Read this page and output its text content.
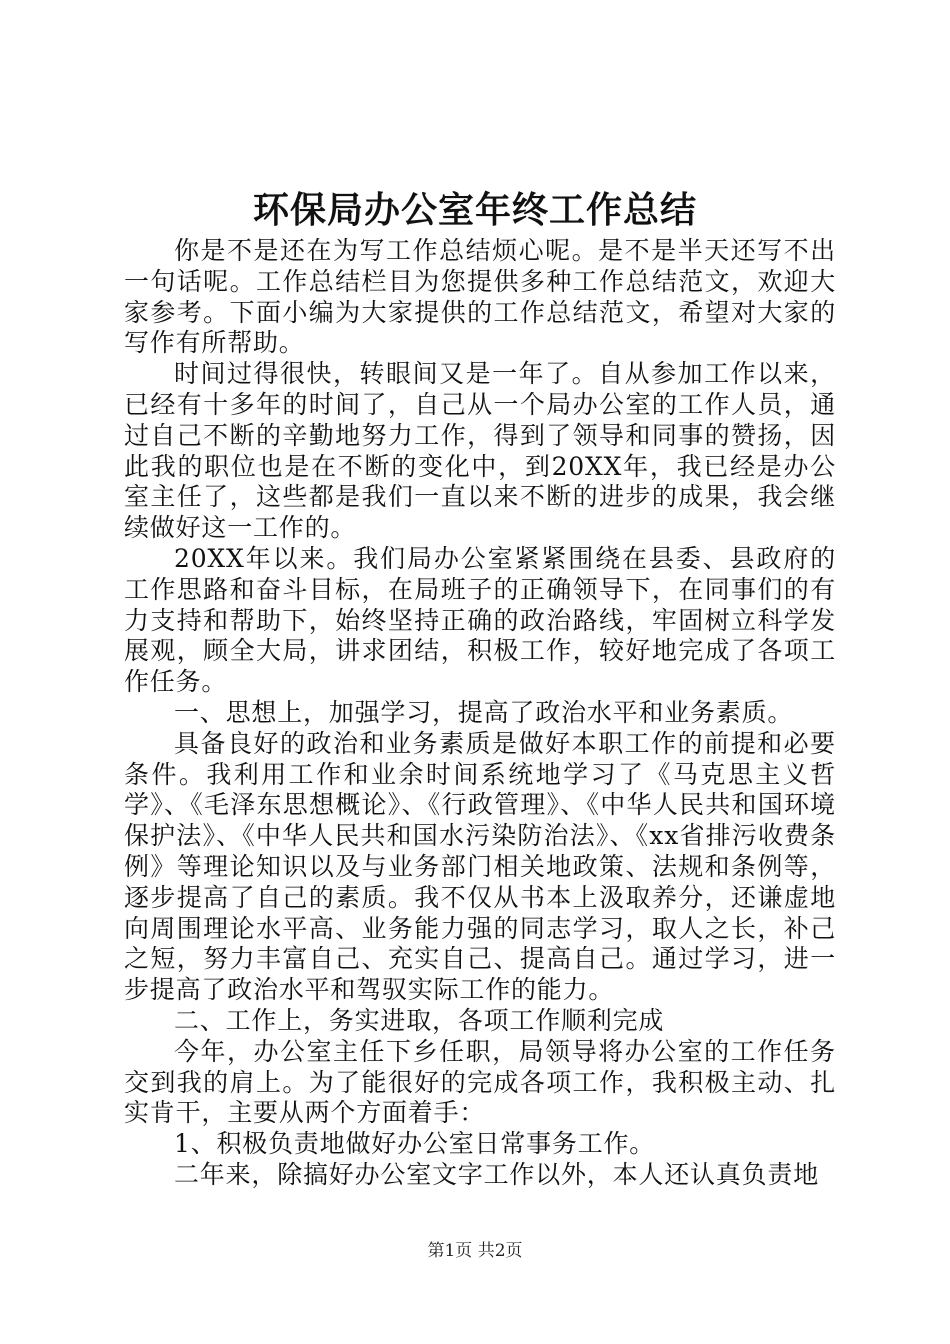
环保局办公室年终工作总结

你是不是还在为写工作总结烦心呢。是不是半天还写不出一句话呢。工作总结栏目为您提供多种工作总结范文，欢迎大家参考。下面小编为大家提供的工作总结范文，希望对大家的写作有所帮助。

时间过得很快，转眼间又是一年了。自从参加工作以来，已经有十多年的时间了，自己从一个局办公室的工作人员，通过自己不断的辛勤地努力工作，得到了领导和同事的赞扬，因此我的职位也是在不断的变化中，到20XX年，我已经是办公室主任了，这些都是我们一直以来不断的进步的成果，我会继续做好这一工作的。

20XX年以来。我们局办公室紧紧围绕在县委、县政府的工作思路和奋斗目标，在局班子的正确领导下，在同事们的有力支持和帮助下，始终坚持正确的政治路线，牢固树立科学发展观，顾全大局，讲求团结，积极工作，较好地完成了各项工作任务。

一、思想上，加强学习，提高了政治水平和业务素质。

具备良好的政治和业务素质是做好本职工作的前提和必要条件。我利用工作和业余时间系统地学习了《马克思主义哲学》、《毛泽东思想概论》、《行政管理》、《中华人民共和国环境保护法》、《中华人民共和国水污染防治法》、《xx省排污收费条例》等理论知识以及与业务部门相关地政策、法规和条例等，逐步提高了自己的素质。我不仅从书本上汲取养分，还谦虚地向周围理论水平高、业务能力强的同志学习，取人之长，补己之短，努力丰富自己、充实自己、提高自己。通过学习，进一步提高了政治水平和驾驭实际工作的能力。

二、工作上，务实进取，各项工作顺利完成

今年，办公室主任下乡任职，局领导将办公室的工作任务交到我的肩上。为了能很好的完成各项工作，我积极主动、扎实肯干，主要从两个方面着手：

1、积极负责地做好办公室日常事务工作。

二年来，除搞好办公室文字工作以外，本人还认真负责地

第1页 共2页
